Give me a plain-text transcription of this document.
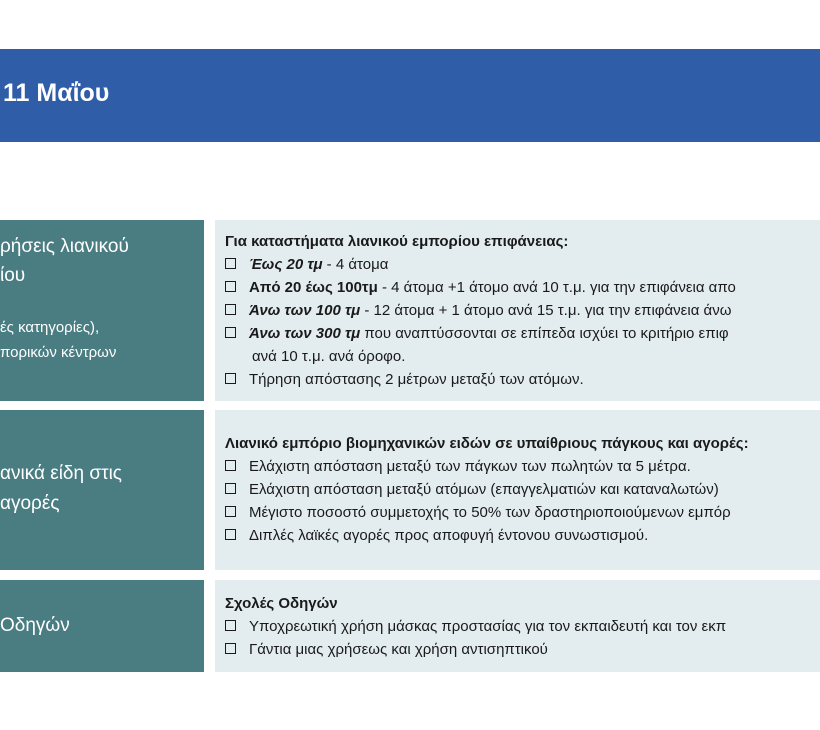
11 Μαΐου
ρήσεις λιανικού
ίου
ές κατηγορίες),
πορικών κέντρων
Για καταστήματα λιανικού εμπορίου επιφάνειας:
Έως 20 τμ - 4 άτομα
Από 20 έως 100τμ - 4 άτομα +1 άτομο ανά 10 τ.μ. για την επιφάνεια απο
Άνω των 100 τμ - 12 άτομα + 1 άτομο ανά 15 τ.μ. για την επιφάνεια άνω
Άνω των 300 τμ που αναπτύσσονται σε επίπεδα ισχύει το κριτήριο επιφ
ανά 10 τ.μ. ανά όροφο.
Τήρηση απόστασης 2 μέτρων μεταξύ των ατόμων.
ανικά είδη στις
αγορές
Λιανικό εμπόριο βιομηχανικών ειδών σε υπαίθριους πάγκους και αγορές:
Ελάχιστη απόσταση μεταξύ των πάγκων των πωλητών τα 5 μέτρα.
Ελάχιστη απόσταση μεταξύ ατόμων (επαγγελματιών και καταναλωτών)
Μέγιστο ποσοστό συμμετοχής το 50% των δραστηριοποιούμενων εμπόρ
Διπλές λαϊκές αγορές προς αποφυγή έντονου συνωστισμού.
Οδηγών
Σχολές Οδηγών
Υποχρεωτική χρήση μάσκας προστασίας για τον εκπαιδευτή και τον εκπ
Γάντια μιας χρήσεως και χρήση αντισηπτικού
